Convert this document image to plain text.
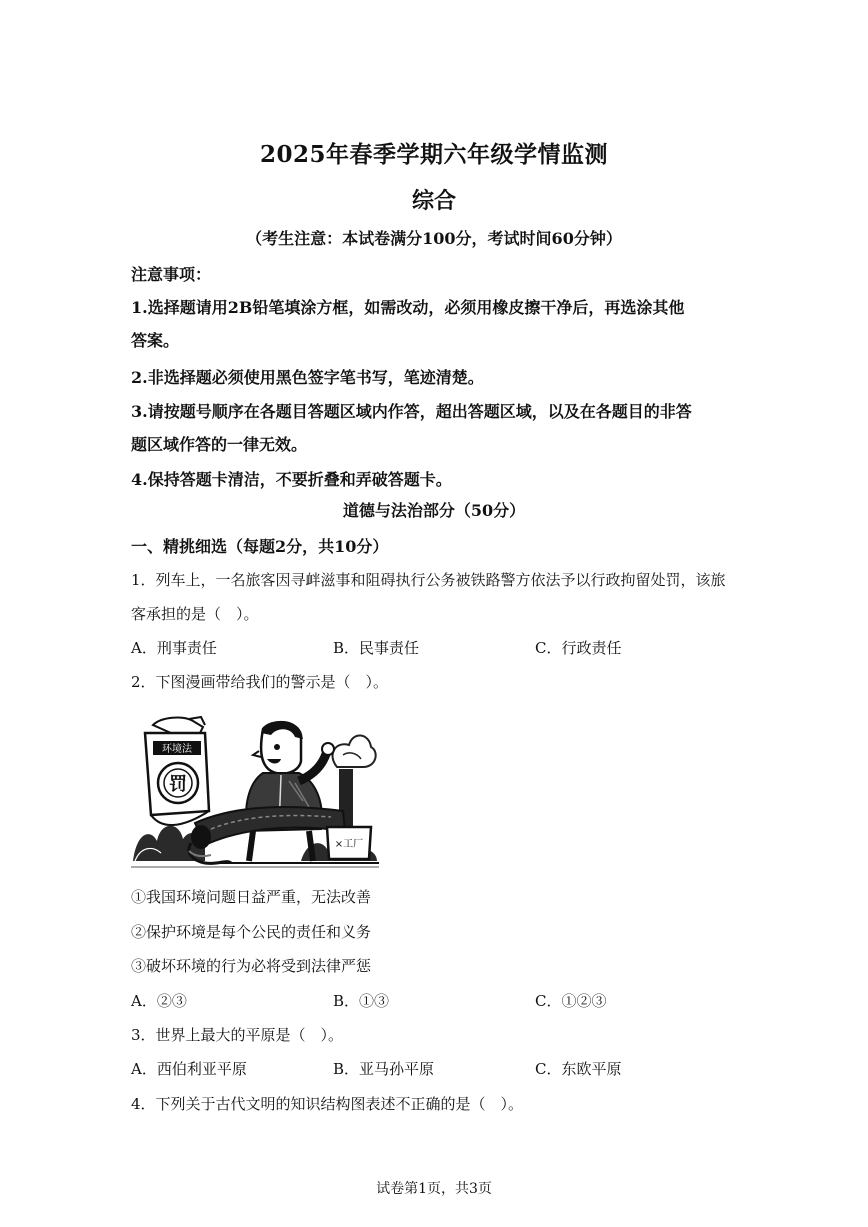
2025年春季学期六年级学情监测
综合
（考生注意：本试卷满分100分，考试时间60分钟）
注意事项：
1.选择题请用2B铅笔填涂方框，如需改动，必须用橡皮擦干净后，再选涂其他
答案。
2.非选择题必须使用黑色签字笔书写，笔迹清楚。
3.请按题号顺序在各题目答题区域内作答，超出答题区域，以及在各题目的非答
题区域作答的一律无效。
4.保持答题卡清洁，不要折叠和弄破答题卡。
道德与法治部分（50分）
一、精挑细选（每题2分，共10分）
1．列车上，一名旅客因寻衅滋事和阻碍执行公务被铁路警方依法予以行政拘留处罚，该旅
客承担的是（　）。
A．刑事责任	B．民事责任	C．行政责任
2．下图漫画带给我们的警示是（　）。
环境法
罚
×工厂
①我国环境问题日益严重，无法改善
②保护环境是每个公民的责任和义务
③破坏环境的行为必将受到法律严惩
A．②③	B．①③	C．①②③
3．世界上最大的平原是（　）。
A．西伯利亚平原	B．亚马孙平原	C．东欧平原
4．下列关于古代文明的知识结构图表述不正确的是（　）。
试卷第1页，共3页
